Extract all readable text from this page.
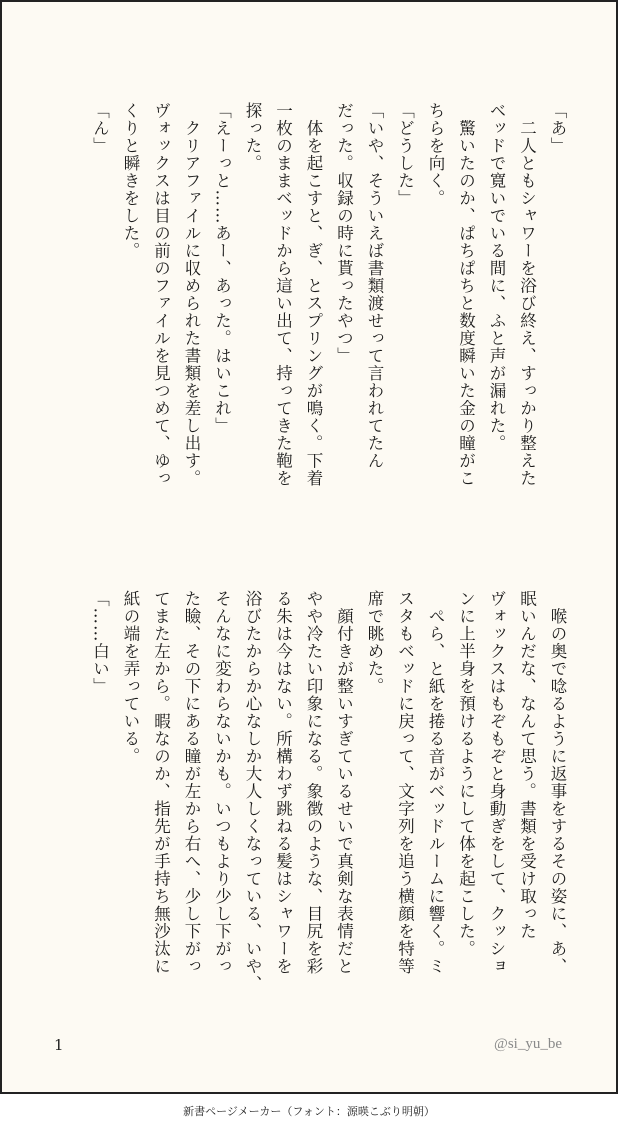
「あ」
　二人ともシャワーを浴び終え、すっかり整えた
ベッドで寛いでいる間に、ふと声が漏れた。
　驚いたのか、ぱちぱちと数度瞬いた金の瞳がこ
ちらを向く。
「どうした」
「いや、そういえば書類渡せって言われてたん
だった。収録の時に貰ったやつ」
　体を起こすと、ぎ、とスプリングが鳴く。下着
一枚のままベッドから這い出て、持ってきた鞄を
探った。
「えーっと……あー、あった。はいこれ」
　クリアファイルに収められた書類を差し出す。
ヴォックスは目の前のファイルを見つめて、ゆっ
くりと瞬きをした。
「ん」
　喉の奥で唸るように返事をするその姿に、あ、
眠いんだな、なんて思う。書類を受け取った
ヴォックスはもぞもぞと身動ぎをして、クッショ
ンに上半身を預けるようにして体を起こした。
　ぺら、と紙を捲る音がベッドルームに響く。ミ
スタもベッドに戻って、文字列を追う横顔を特等
席で眺めた。
　顔付きが整いすぎているせいで真剣な表情だと
やや冷たい印象になる。象徴のような、目尻を彩
る朱は今はない。所構わず跳ねる髪はシャワーを
浴びたからか心なしか大人しくなっている、いや、
そんなに変わらないかも。いつもより少し下がっ
た瞼、その下にある瞳が左から右へ、少し下がっ
てまた左から。暇なのか、指先が手持ち無沙汰に
紙の端を弄っている。
「……白い」
1	@si_yu_be
新書ページメーカー（フォント：源暎こぶり明朝）
